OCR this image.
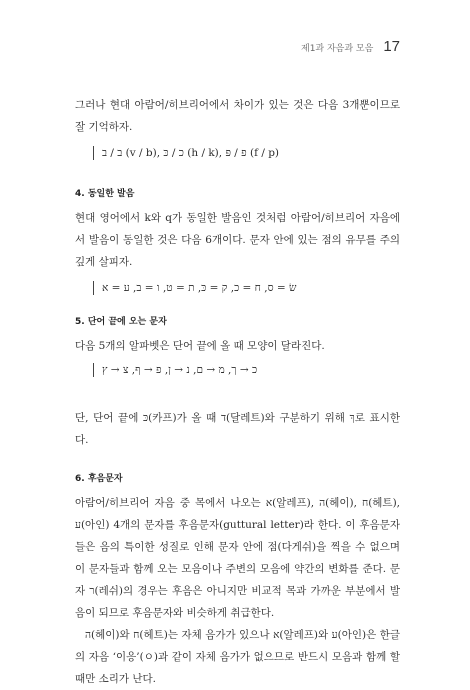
제1과 자음과 모음 17

그러나 현대 아람어/히브리어에서 차이가 있는 것은 다음 3개뿐이므로 잘 기억하자.

ב / ב (v / b), כ / כּ (h / k), פ / פּ (f / p)
4. 동일한 발음

현대 영어에서 k와 q가 동일한 발음인 것처럼 아람어/히브리어 자음에서 발음이 동일한 것은 다음 6개이다. 문자 안에 있는 점의 유무를 주의 깊게 살피자.

שׂ = ס, ח = כ, ק = כּ, ת = ט, ו = ב, ע = א
5. 단어 끝에 오는 문자

다음 5개의 알파벳은 단어 끝에 올 때 모양이 달라진다.

כ → ך, מ → ם, נ → ן, פ → ף, צ → ץ

단, 단어 끝에 כּ(카프)가 올 때 ד(달레트)와 구분하기 위해 ךְ로 표시한다.

6. 후음문자

아람어/히브리어 자음 중 목에서 나오는 א(알레프), ה(헤이), ח(헤트), ע(아인) 4개의 문자를 후음문자(guttural letter)라 한다. 이 후음문자들은 음의 특이한 성질로 인해 문자 안에 점(다게쉬)을 찍을 수 없으며 이 문자들과 함께 오는 모음이나 주변의 모음에 약간의 변화를 준다. 문자 ר(레쉬)의 경우는 후음은 아니지만 비교적 목과 가까운 부분에서 발음이 되므로 후음문자와 비슷하게 취급한다.

ה(헤이)와 ח(헤트)는 자체 음가가 있으나 א(알레프)와 ע(아인)은 한글의 자음 ‘이응’(ㅇ)과 같이 자체 음가가 없으므로 반드시 모음과 함께 할 때만 소리가 난다.
